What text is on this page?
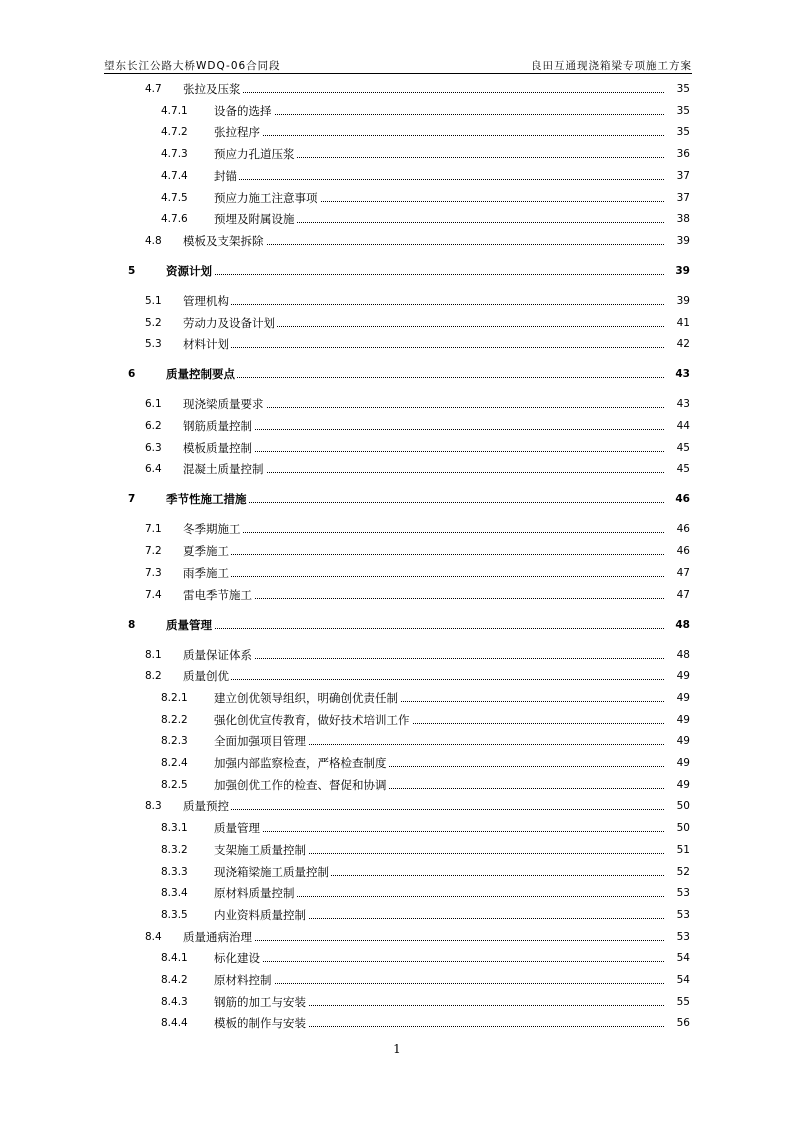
望东长江公路大桥WDQ-06合同段	良田互通现浇箱梁专项施工方案
4.7 张拉及压浆	35
4.7.1 设备的选择	35
4.7.2 张拉程序	35
4.7.3 预应力孔道压浆	36
4.7.4 封锚	37
4.7.5 预应力施工注意事项	37
4.7.6 预埋及附属设施	38
4.8 模板及支架拆除	39
5	资源计划	39
5.1 管理机构	39
5.2 劳动力及设备计划	41
5.3 材料计划	42
6	质量控制要点	43
6.1 现浇梁质量要求	43
6.2 钢筋质量控制	44
6.3 模板质量控制	45
6.4 混凝土质量控制	45
7	季节性施工措施	46
7.1 冬季期施工	46
7.2 夏季施工	46
7.3 雨季施工	47
7.4 雷电季节施工	47
8	质量管理	48
8.1 质量保证体系	48
8.2 质量创优	49
8.2.1 建立创优领导组织，明确创优责任制	49
8.2.2 强化创优宣传教育，做好技术培训工作	49
8.2.3 全面加强项目管理	49
8.2.4 加强内部监察检查，严格检查制度	49
8.2.5 加强创优工作的检查、督促和协调	49
8.3 质量预控	50
8.3.1 质量管理	50
8.3.2 支架施工质量控制	51
8.3.3 现浇箱梁施工质量控制	52
8.3.4 原材料质量控制	53
8.3.5 内业资料质量控制	53
8.4 质量通病治理	53
8.4.1 标化建设	54
8.4.2 原材料控制	54
8.4.3 钢筋的加工与安装	55
8.4.4 模板的制作与安装	56
1
